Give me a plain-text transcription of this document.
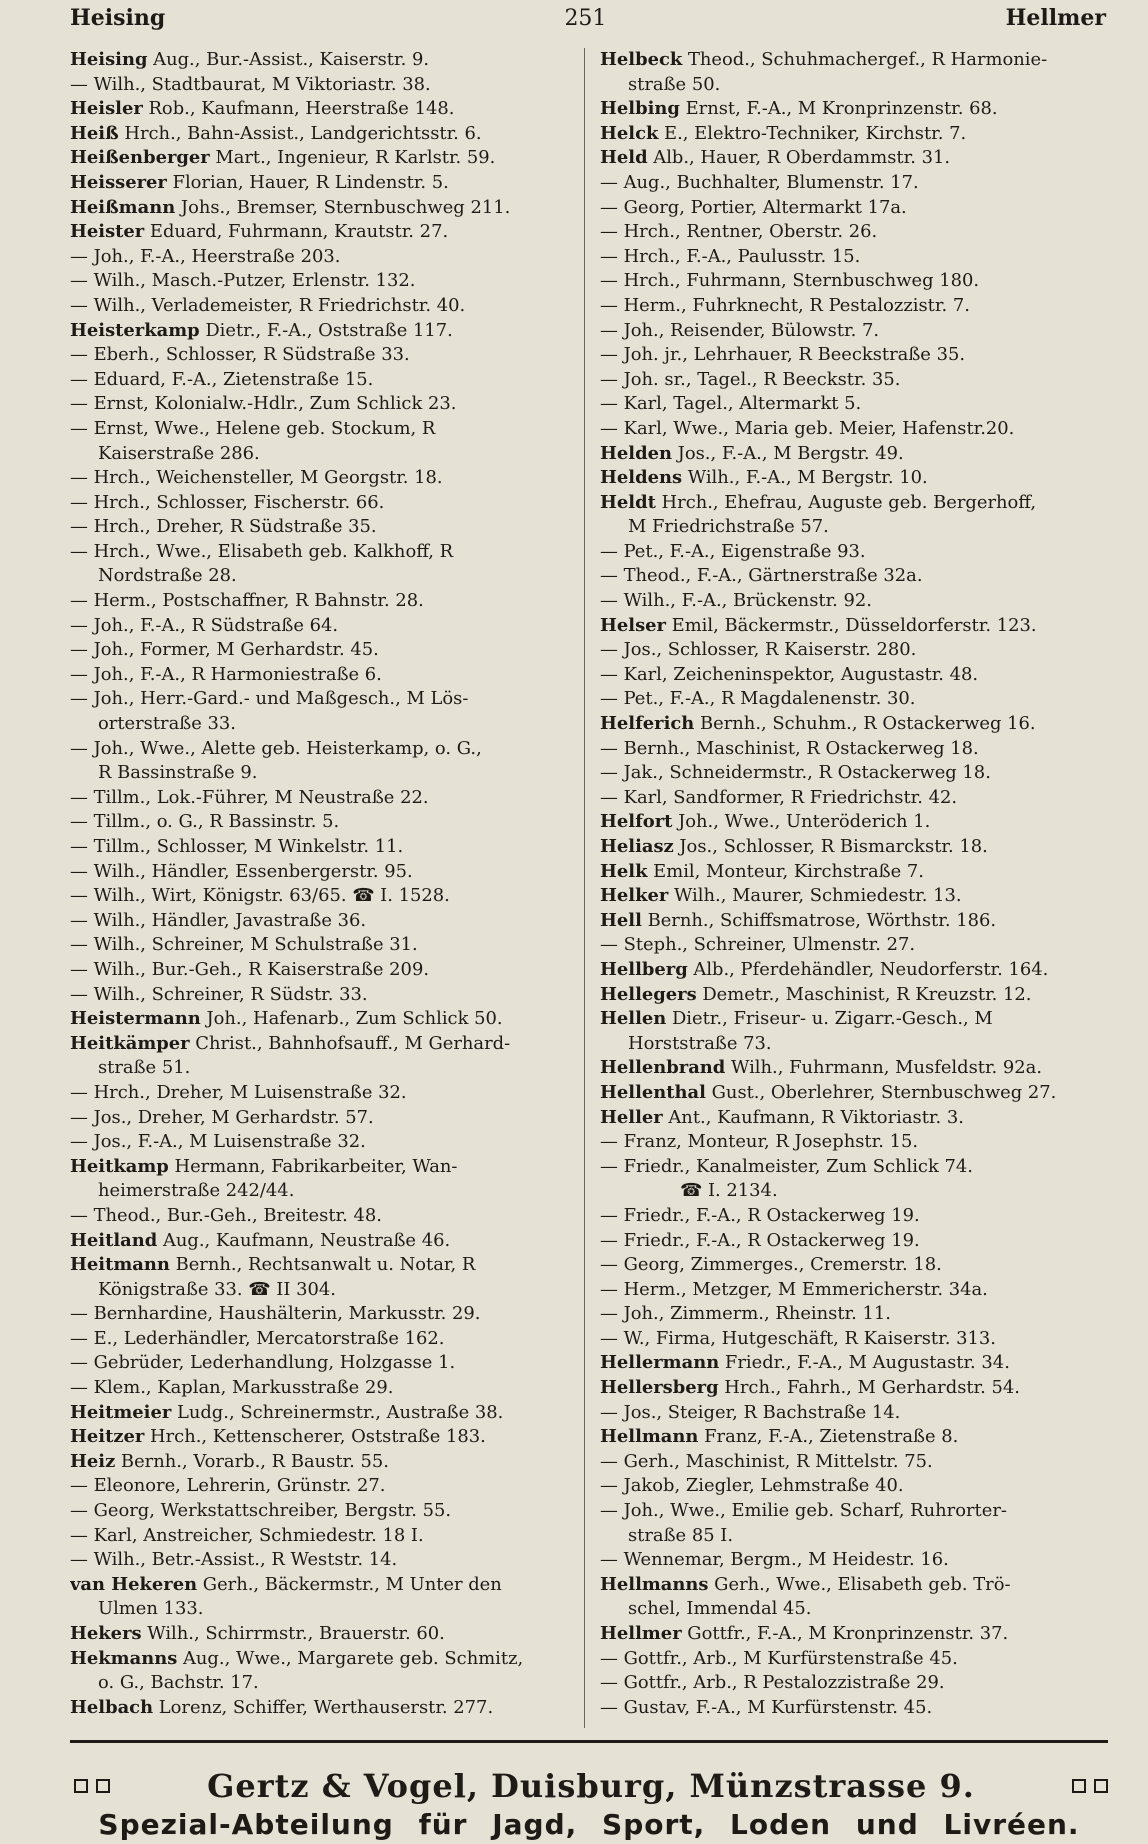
Heising	251	Hellmer
Heising Aug., Bur.-Assist., Kaiserstr. 9.
— Wilh., Stadtbaurat, M Viktoriastr. 38.
Heisler Rob., Kaufmann, Heerstraße 148.
Heiß Hrch., Bahn-Assist., Landgerichtsstr. 6.
Heißenberger Mart., Ingenieur, R Karlstr. 59.
Heisserer Florian, Hauer, R Lindenstr. 5.
Heißmann Johs., Bremser, Sternbuschweg 211.
Heister Eduard, Fuhrmann, Krautstr. 27.
— Joh., F.-A., Heerstraße 203.
— Wilh., Masch.-Putzer, Erlenstr. 132.
— Wilh., Verlademeister, R Friedrichstr. 40.
Heisterkamp Dietr., F.-A., Oststraße 117.
— Eberh., Schlosser, R Südstraße 33.
— Eduard, F.-A., Zietenstraße 15.
— Ernst, Kolonialw.-Hdlr., Zum Schlick 23.
— Ernst, Wwe., Helene geb. Stockum, R
Kaiserstraße 286.
— Hrch., Weichensteller, M Georgstr. 18.
— Hrch., Schlosser, Fischerstr. 66.
— Hrch., Dreher, R Südstraße 35.
— Hrch., Wwe., Elisabeth geb. Kalkhoff, R
Nordstraße 28.
— Herm., Postschaffner, R Bahnstr. 28.
— Joh., F.-A., R Südstraße 64.
— Joh., Former, M Gerhardstr. 45.
— Joh., F.-A., R Harmoniestraße 6.
— Joh., Herr.-Gard.- und Maßgesch., M Lös-
orterstraße 33.
— Joh., Wwe., Alette geb. Heisterkamp, o. G.,
R Bassinstraße 9.
— Tillm., Lok.-Führer, M Neustraße 22.
— Tillm., o. G., R Bassinstr. 5.
— Tillm., Schlosser, M Winkelstr. 11.
— Wilh., Händler, Essenbergerstr. 95.
— Wilh., Wirt, Königstr. 63/65. ☎ I. 1528.
— Wilh., Händler, Javastraße 36.
— Wilh., Schreiner, M Schulstraße 31.
— Wilh., Bur.-Geh., R Kaiserstraße 209.
— Wilh., Schreiner, R Südstr. 33.
Heistermann Joh., Hafenarb., Zum Schlick 50.
Heitkämper Christ., Bahnhofsauff., M Gerhard-
straße 51.
— Hrch., Dreher, M Luisenstraße 32.
— Jos., Dreher, M Gerhardstr. 57.
— Jos., F.-A., M Luisenstraße 32.
Heitkamp Hermann, Fabrikarbeiter, Wan-
heimerstraße 242/44.
— Theod., Bur.-Geh., Breitestr. 48.
Heitland Aug., Kaufmann, Neustraße 46.
Heitmann Bernh., Rechtsanwalt u. Notar, R
Königstraße 33. ☎ II 304.
— Bernhardine, Haushälterin, Markusstr. 29.
— E., Lederhändler, Mercatorstraße 162.
— Gebrüder, Lederhandlung, Holzgasse 1.
— Klem., Kaplan, Markusstraße 29.
Heitmeier Ludg., Schreinermstr., Austraße 38.
Heitzer Hrch., Kettenscherer, Oststraße 183.
Heiz Bernh., Vorarb., R Baustr. 55.
— Eleonore, Lehrerin, Grünstr. 27.
— Georg, Werkstattschreiber, Bergstr. 55.
— Karl, Anstreicher, Schmiedestr. 18 I.
— Wilh., Betr.-Assist., R Weststr. 14.
van Hekeren Gerh., Bäckermstr., M Unter den
Ulmen 133.
Hekers Wilh., Schirrmstr., Brauerstr. 60.
Hekmanns Aug., Wwe., Margarete geb. Schmitz,
o. G., Bachstr. 17.
Helbach Lorenz, Schiffer, Werthauserstr. 277.
Helbeck Theod., Schuhmachergef., R Harmonie-
straße 50.
Helbing Ernst, F.-A., M Kronprinzenstr. 68.
Helck E., Elektro-Techniker, Kirchstr. 7.
Held Alb., Hauer, R Oberdammstr. 31.
— Aug., Buchhalter, Blumenstr. 17.
— Georg, Portier, Altermarkt 17a.
— Hrch., Rentner, Oberstr. 26.
— Hrch., F.-A., Paulusstr. 15.
— Hrch., Fuhrmann, Sternbuschweg 180.
— Herm., Fuhrknecht, R Pestalozzistr. 7.
— Joh., Reisender, Bülowstr. 7.
— Joh. jr., Lehrhauer, R Beeckstraße 35.
— Joh. sr., Tagel., R Beeckstr. 35.
— Karl, Tagel., Altermarkt 5.
— Karl, Wwe., Maria geb. Meier, Hafenstr.20.
Helden Jos., F.-A., M Bergstr. 49.
Heldens Wilh., F.-A., M Bergstr. 10.
Heldt Hrch., Ehefrau, Auguste geb. Bergerhoff,
M Friedrichstraße 57.
— Pet., F.-A., Eigenstraße 93.
— Theod., F.-A., Gärtnerstraße 32a.
— Wilh., F.-A., Brückenstr. 92.
Helser Emil, Bäckermstr., Düsseldorferstr. 123.
— Jos., Schlosser, R Kaiserstr. 280.
— Karl, Zeicheninspektor, Augustastr. 48.
— Pet., F.-A., R Magdalenenstr. 30.
Helferich Bernh., Schuhm., R Ostackerweg 16.
— Bernh., Maschinist, R Ostackerweg 18.
— Jak., Schneidermstr., R Ostackerweg 18.
— Karl, Sandformer, R Friedrichstr. 42.
Helfort Joh., Wwe., Unteröderich 1.
Heliasz Jos., Schlosser, R Bismarckstr. 18.
Helk Emil, Monteur, Kirchstraße 7.
Helker Wilh., Maurer, Schmiedestr. 13.
Hell Bernh., Schiffsmatrose, Wörthstr. 186.
— Steph., Schreiner, Ulmenstr. 27.
Hellberg Alb., Pferdehändler, Neudorferstr. 164.
Hellegers Demetr., Maschinist, R Kreuzstr. 12.
Hellen Dietr., Friseur- u. Zigarr.-Gesch., M
Horststraße 73.
Hellenbrand Wilh., Fuhrmann, Musfeldstr. 92a.
Hellenthal Gust., Oberlehrer, Sternbuschweg 27.
Heller Ant., Kaufmann, R Viktoriastr. 3.
— Franz, Monteur, R Josephstr. 15.
— Friedr., Kanalmeister, Zum Schlick 74.
☎ I. 2134.
— Friedr., F.-A., R Ostackerweg 19.
— Friedr., F.-A., R Ostackerweg 19.
— Georg, Zimmerges., Cremerstr. 18.
— Herm., Metzger, M Emmericherstr. 34a.
— Joh., Zimmerm., Rheinstr. 11.
— W., Firma, Hutgeschäft, R Kaiserstr. 313.
Hellermann Friedr., F.-A., M Augustastr. 34.
Hellersberg Hrch., Fahrh., M Gerhardstr. 54.
— Jos., Steiger, R Bachstraße 14.
Hellmann Franz, F.-A., Zietenstraße 8.
— Gerh., Maschinist, R Mittelstr. 75.
— Jakob, Ziegler, Lehmstraße 40.
— Joh., Wwe., Emilie geb. Scharf, Ruhrorter-
straße 85 I.
— Wennemar, Bergm., M Heidestr. 16.
Hellmanns Gerh., Wwe., Elisabeth geb. Trö-
schel, Immendal 45.
Hellmer Gottfr., F.-A., M Kronprinzenstr. 37.
— Gottfr., Arb., M Kurfürstenstraße 45.
— Gottfr., Arb., R Pestalozzistraße 29.
— Gustav, F.-A., M Kurfürstenstr. 45.
Gertz & Vogel, Duisburg, Münzstrasse 9.
Spezial-Abteilung für Jagd, Sport, Loden und Livréen.
